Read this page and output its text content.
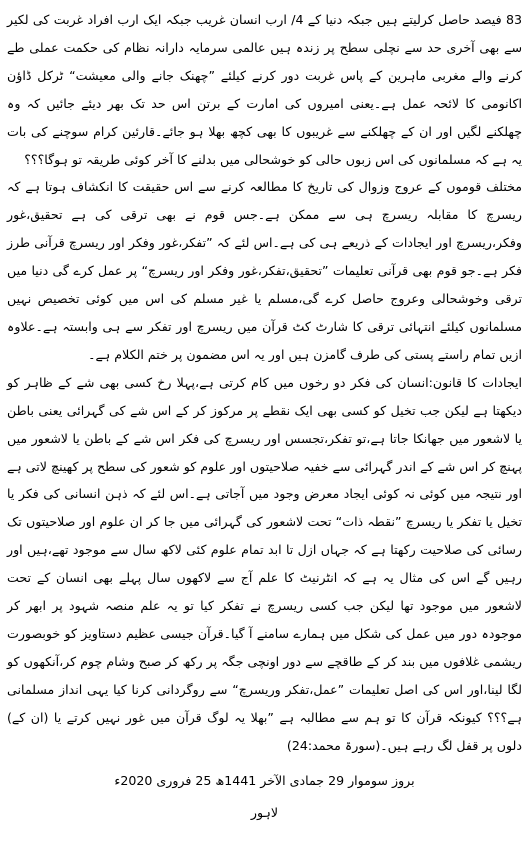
83 فیصد حاصل کرلیتے ہیں جبکہ دنیا کے 4/ ارب انسان غریب جبکہ ایک ارب افراد غربت کی لکیر سے بھی آخری حد سے نچلی سطح پر زندہ ہیں عالمی سرمایہ دارانہ نظام کی حکمت عملی طے کرنے والے مغربی ماہرین کے پاس غربت دور کرنے کیلئے ”چھنک جانے والی معیشت“ ٹرکل ڈاؤن اکانومی کا لائحہ عمل ہے۔یعنی امیروں کی امارت کے برتن اس حد تک بھر دیئے جائیں کہ وہ چھلکنے لگیں اور ان کے چھلکنے سے غریبوں کا بھی کچھ بھلا ہو جائے۔قارئین کرام سوچنے کی بات یہ ہے کہ مسلمانوں کی اس زبوں حالی کو خوشحالی میں بدلنے کا آخر کوئی طریقہ تو ہوگا؟؟؟

مختلف قوموں کے عروج وزوال کی تاریخ کا مطالعہ کرنے سے اس حقیقت کا انکشاف ہوتا ہے کہ ریسرچ کا مقابلہ ریسرچ ہی سے ممکن ہے۔جس قوم نے بھی ترقی کی ہے تحقیق،غور وفکر،ریسرچ اور ایجادات کے ذریعے ہی کی ہے۔اس لئے کہ ”تفکر،غور وفکر اور ریسرچ قرآنی طرز فکر ہے۔جو قوم بھی قرآنی تعلیمات ”تحقیق،تفکر،غور وفکر اور ریسرچ“ پر عمل کرے گی دنیا میں ترقی وخوشحالی وعروج حاصل کرے گی،مسلم یا غیر مسلم کی اس میں کوئی تخصیص نہیں مسلمانوں کیلئے انتہائی ترقی کا شارٹ کٹ قرآن میں ریسرچ اور تفکر سے ہی وابستہ ہے۔علاوہ ازیں تمام راستے پستی کی طرف گامزن ہیں اور یہ اس مضمون پر ختم الکلام ہے۔

ایجادات کا قانون:انسان کی فکر دو رخوں میں کام کرتی ہے،پہلا رخ کسی بھی شے کے ظاہر کو دیکھتا ہے لیکن جب تخیل کو کسی بھی ایک نقطے پر مرکوز کر کے اس شے کی گہرائی یعنی باطن یا لاشعور میں جھانکا جاتا ہے،تو تفکر،تجسس اور ریسرچ کی فکر اس شے کے باطن یا لاشعور میں پہنچ کر اس شے کے اندر گہرائی سے خفیہ صلاحیتوں اور علوم کو شعور کی سطح پر کھینچ لاتی ہے اور نتیجہ میں کوئی نہ کوئی ایجاد معرض وجود میں آجاتی ہے۔اس لئے کہ ذہن انسانی کی فکر یا تخیل یا تفکر یا ریسرچ ”نقطہ ذات“ تحت لاشعور کی گہرائی میں جا کر ان علوم اور صلاحیتوں تک رسائی کی صلاحیت رکھتا ہے کہ جہاں ازل تا ابد تمام علوم کئی لاکھ سال سے موجود تھے،ہیں اور رہیں گے اس کی مثال یہ ہے کہ انٹرنیٹ کا علم آج سے لاکھوں سال پہلے بھی انسان کے تحت لاشعور میں موجود تھا لیکن جب کسی ریسرچ نے تفکر کیا تو یہ علم منصہ شہود پر ابھر کر موجودہ دور میں عمل کی شکل میں ہمارے سامنے آ گیا۔قرآن جیسی عظیم دستاویز کو خوبصورت ریشمی غلافوں میں بند کر کے طاقچے سے دور اونچی جگہ پر رکھ کر صبح وشام چوم کر،آنکھوں کو لگا لینا،اور اس کی اصل تعلیمات ”عمل،تفکر وریسرچ“ سے روگردانی کرنا کیا یہی انداز مسلمانی ہے؟؟؟ کیونکہ قرآن کا تو ہم سے مطالبہ ہے ”بھلا یہ لوگ قرآن میں غور نہیں کرتے یا (ان کے) دلوں پر قفل لگ رہے ہیں۔(سورۃ محمد:24)

بروز سوموار 29 جمادی الآخر 1441ھ 25 فروری 2020ء

لاہور
